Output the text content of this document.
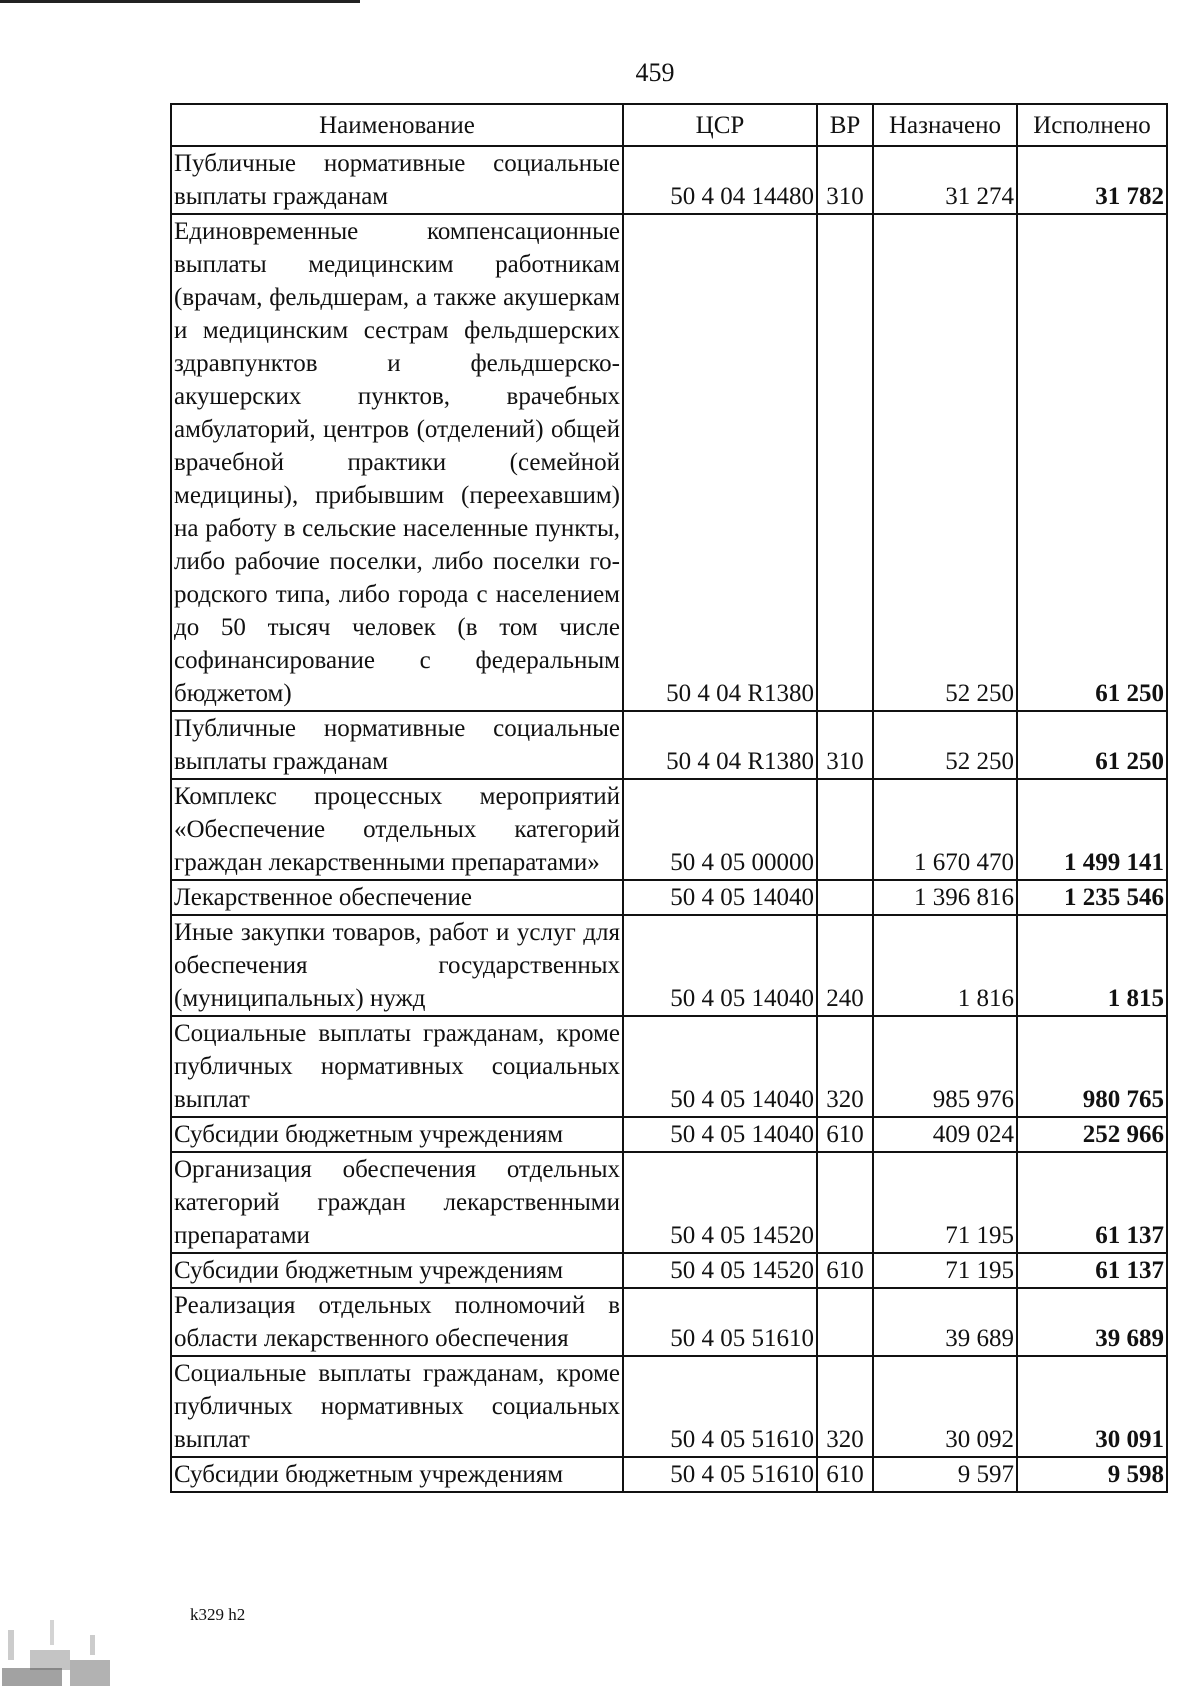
459
Наименование	ЦСР	ВР	Назначено	Исполнено
Публичные нормативные социальные выплаты гражданам	50 4 04 14480	310	31 274	31 782
Единовременные компенсационные выплаты медицинским работникам (врачам, фельдшерам, а также акушеркам и медицинским сестрам фельдшерских здравпунктов и фельдшерско-акушерских пунктов, врачебных амбулаторий, центров (отделений) общей врачебной практики (семейной медицины), прибывшим (переехавшим) на работу в сельские населенные пункты, либо рабочие поселки, либо поселки городского типа, либо города с населением до 50 тысяч человек (в том числе софинансирование с федеральным бюджетом)	50 4 04 R1380		52 250	61 250
Публичные нормативные социальные выплаты гражданам	50 4 04 R1380	310	52 250	61 250
Комплекс процессных мероприятий «Обеспечение отдельных категорий граждан лекарственными препаратами»	50 4 05 00000		1 670 470	1 499 141
Лекарственное обеспечение	50 4 05 14040		1 396 816	1 235 546
Иные закупки товаров, работ и услуг для обеспечения государственных (муниципальных) нужд	50 4 05 14040	240	1 816	1 815
Социальные выплаты гражданам, кроме публичных нормативных социальных выплат	50 4 05 14040	320	985 976	980 765
Субсидии бюджетным учреждениям	50 4 05 14040	610	409 024	252 966
Организация обеспечения отдельных категорий граждан лекарственными препаратами	50 4 05 14520		71 195	61 137
Субсидии бюджетным учреждениям	50 4 05 14520	610	71 195	61 137
Реализация отдельных полномочий в области лекарственного обеспечения	50 4 05 51610		39 689	39 689
Социальные выплаты гражданам, кроме публичных нормативных социальных выплат	50 4 05 51610	320	30 092	30 091
Субсидии бюджетным учреждениям	50 4 05 51610	610	9 597	9 598
k329 h2
